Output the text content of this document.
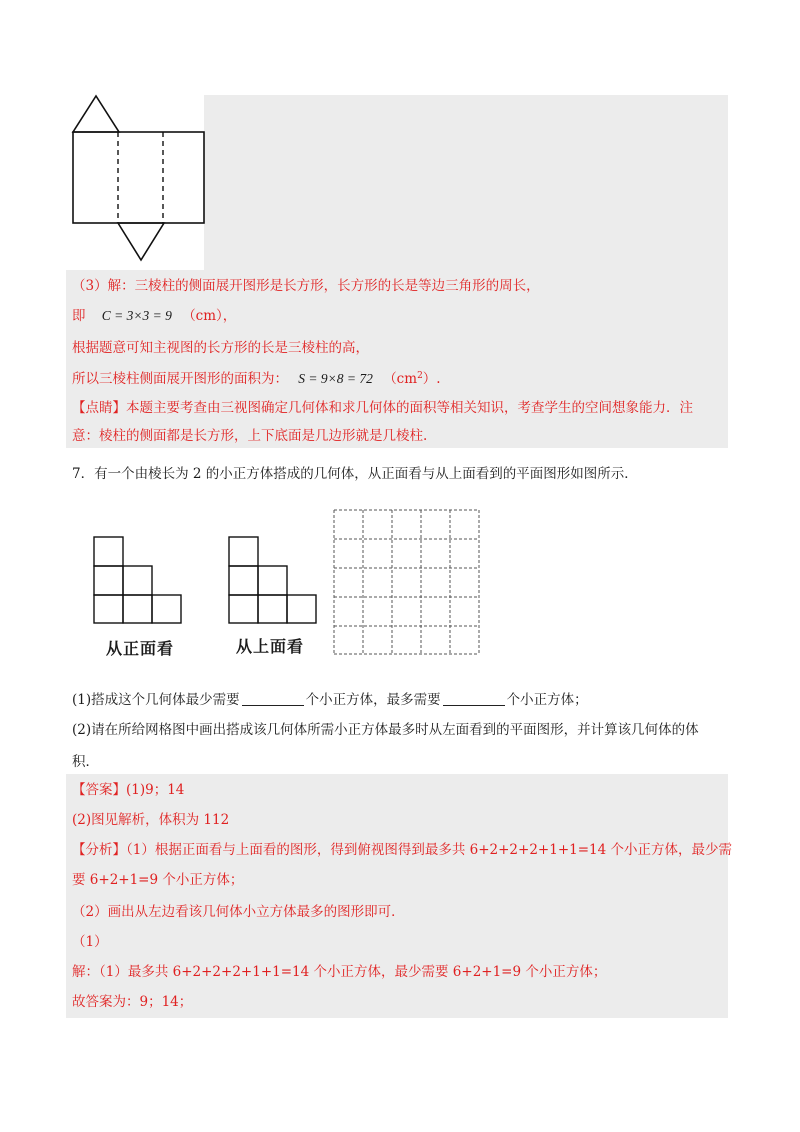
（3）解：三棱柱的侧面展开图形是长方形，长方形的长是等边三角形的周长，
即 C = 3×3 = 9 （cm），
根据题意可知主视图的长方形的长是三棱柱的高，
所以三棱柱侧面展开图形的面积为： S = 9×8 = 72 $(cm^2)$.
【点睛】本题主要考查由三视图确定几何体和求几何体的面积等相关知识，考查学生的空间想象能力．注
意：棱柱的侧面都是长方形，上下底面是几边形就是几棱柱.
7．有一个由棱长为 2 的小正方体搭成的几何体，从正面看与从上面看到的平面图形如图所示．
从正面看	从上面看
(1)搭成这个几何体最少需要	个小正方体，最多需要	个小正方体；
(2)请在所给网格图中画出搭成该几何体所需小正方体最多时从左面看到的平面图形，并计算该几何体的体
积．
【答案】(1)9；14
(2)图见解析，体积为 112
【分析】（1）根据正面看与上面看的图形，得到俯视图得到最多共 6+2+2+2+1+1=14 个小正方体，最少需
要 6+2+1=9 个小正方体；
（2）画出从左边看该几何体小立方体最多的图形即可．
（1）
解：（1）最多共 6+2+2+2+1+1=14 个小正方体，最少需要 6+2+1=9 个小正方体；
故答案为：9；14；
